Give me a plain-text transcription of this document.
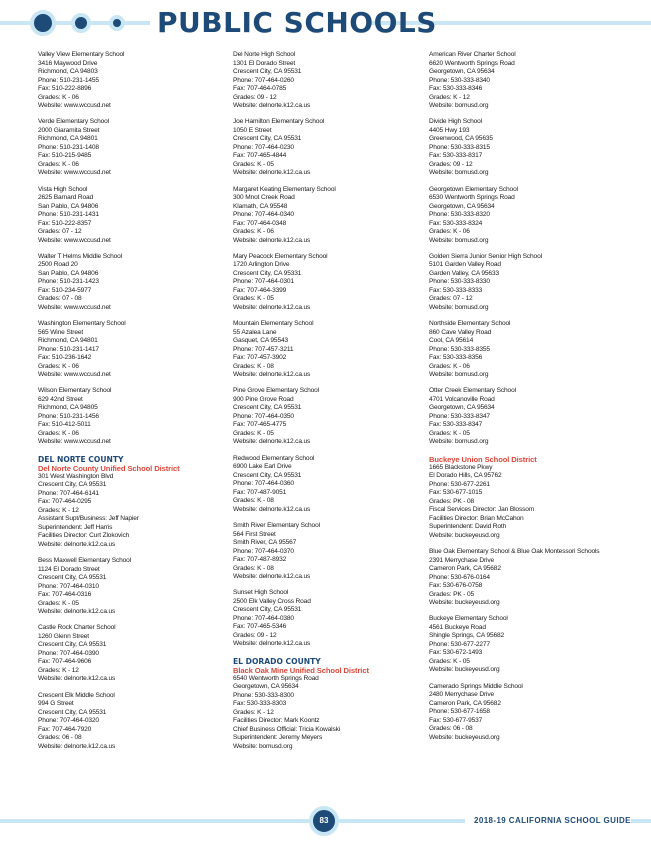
PUBLIC SCHOOLS
Valley View Elementary School
3416 Maywood Drive
Richmond, CA 94803
Phone: 510-231-1455
Fax: 510-222-8896
Grades: K - 06
Website: www.wccusd.net
Verde Elementary School
2000 Giaramita Street
Richmond, CA 94801
Phone: 510-231-1408
Fax: 510-215-9485
Grades: K - 06
Website: www.wccusd.net
Vista High School
2625 Barnard Road
San Pablo, CA 94806
Phone: 510-231-1431
Fax: 510-222-8357
Grades: 07 - 12
Website: www.wccusd.net
Walter T Helms Middle School
2500 Road 20
San Pablo, CA 94806
Phone: 510-231-1423
Fax: 510-234-5977
Grades: 07 - 08
Website: www.wccusd.net
Washington Elementary School
565 Wine Street
Richmond, CA 94801
Phone: 510-231-1417
Fax: 510-236-1642
Grades: K - 06
Website: www.wccusd.net
Wilson Elementary School
629 42nd Street
Richmond, CA 94805
Phone: 510-231-1456
Fax: 510-412-5011
Grades: K - 06
Website: www.wccusd.net
DEL NORTE COUNTY
Del Norte County Unified School District
301 West Washington Blvd
Crescent City, CA 95531
Phone: 707-464-6141
Fax: 707-464-0295
Grades: K - 12
Assistant Supt/Business: Jeff Napier
Superintendent: Jeff Harris
Facilities Director: Curt Zlokovich
Website: delnorte.k12.ca.us
Bess Maxwell Elementary School
1124 El Dorado Street
Crescent City, CA 95531
Phone: 707-464-0310
Fax: 707-464-0316
Grades: K - 05
Website: delnorte.k12.ca.us
Castle Rock Charter School
1260 Glenn Street
Crescent City, CA 95531
Phone: 707-464-0390
Fax: 707-464-9606
Grades: K - 12
Website: delnorte.k12.ca.us
Crescent Elk Middle School
994 G Street
Crescent City, CA 95531
Phone: 707-464-0320
Fax: 707-464-7920
Grades: 06 - 08
Website: delnorte.k12.ca.us
Del Norte High School
1301 El Dorado Street
Crescent City, CA 95531
Phone: 707-464-0260
Fax: 707-464-0785
Grades: 09 - 12
Website: delnorte.k12.ca.us
Joe Hamilton Elementary School
1050 E Street
Crescent City, CA 95531
Phone: 707-464-0230
Fax: 707-465-4844
Grades: K - 05
Website: delnorte.k12.ca.us
Margaret Keating Elementary School
300 Mnot Creek Road
Klamath, CA 95548
Phone: 707-464-0340
Fax: 707-464-0348
Grades: K - 06
Website: delnorte.k12.ca.us
Mary Peacock Elementary School
1720 Arlington Drive
Crescent City, CA 95331
Phone: 707-464-0301
Fax: 707-464-3399
Grades: K - 05
Website: delnorte.k12.ca.us
Mountain Elementary School
55 Azalea Lane
Gasquet, CA 95543
Phone: 707-457-3211
Fax: 707-457-3902
Grades: K - 08
Website: delnorte.k12.ca.us
Pine Grove Elementary School
900 Pine Grove Road
Crescent City, CA 95531
Phone: 707-464-0350
Fax: 707-465-4775
Grades: K - 05
Website: delnorte.k12.ca.us
Redwood Elementary School
6900 Lake Earl Drive
Crescent City, CA 95531
Phone: 707-464-0360
Fax: 707-487-9051
Grades: K - 08
Website: delnorte.k12.ca.us
Smith River Elementary School
564 First Street
Smith River, CA 95567
Phone: 707-464-0370
Fax: 707-487-8932
Grades: K - 08
Website: delnorte.k12.ca.us
Sunset High School
2500 Elk Valley Cross Road
Crescent City, CA 95531
Phone: 707-464-0380
Fax: 707-465-5346
Grades: 09 - 12
Website: delnorte.k12.ca.us
EL DORADO COUNTY
Black Oak Mine Unified School District
6540 Wentworth Springs Road
Georgetown, CA 95634
Phone: 530-333-8300
Fax: 530-333-8303
Grades: K - 12
Facilities Director: Mark Koontz
Chief Business Official: Tricia Kowalski
Superintendent: Jeremy Meyers
Website: bomusd.org
American River Charter School
6620 Wentworth Springs Road
Georgetown, CA 95634
Phone: 530-333-8340
Fax: 530-333-8346
Grades: K - 12
Website: bomusd.org
Divide High School
4405 Hwy 193
Greenwood, CA 95635
Phone: 530-333-8315
Fax: 530-333-8317
Grades: 09 - 12
Website: bomusd.org
Georgetown Elementary School
6530 Wentworth Springs Road
Georgetown, CA 95634
Phone: 530-333-8320
Fax: 530-333-8324
Grades: K - 06
Website: bomusd.org
Golden Sierra Junior Senior High School
5101 Garden Valley Road
Garden Valley, CA 95633
Phone: 530-333-8330
Fax: 530-333-8333
Grades: 07 - 12
Website: bomusd.org
Northside Elementary School
860 Cave Valley Road
Cool, CA 95614
Phone: 530-333-8355
Fax: 530-333-8356
Grades: K - 06
Website: bomusd.org
Otter Creek Elementary School
4701 Volcanoville Road
Georgetown, CA 95634
Phone: 530-333-8347
Fax: 530-333-8347
Grades: K - 05
Website: bomusd.org
Buckeye Union School District
1665 Blackstone Pkwy
El Dorado Hills, CA 95762
Phone: 530-677-2261
Fax: 530-677-1015
Grades: PK - 08
Fiscal Services Director: Jan Blossom
Facilities Director: Brian McCahon
Superintendent: David Roth
Website: buckeyeusd.org
Blue Oak Elementary School & Blue Oak Montessori Schools
2391 Merrychase Drive
Cameron Park, CA 95682
Phone: 530-676-0164
Fax: 530-676-0758
Grades: PK - 05
Website: buckeyeusd.org
Buckeye Elementary School
4561 Buckeye Road
Shingle Springs, CA 95682
Phone: 530-677-2277
Fax: 530-672-1493
Grades: K - 05
Website: buckeyeusd.org
Camerado Springs Middle School
2480 Merrychase Drive
Cameron Park, CA 95682
Phone: 530-677-1658
Fax: 530-677-9537
Grades: 06 - 08
Website: buckeyeusd.org
83	2018-19 CALIFORNIA SCHOOL GUIDE
